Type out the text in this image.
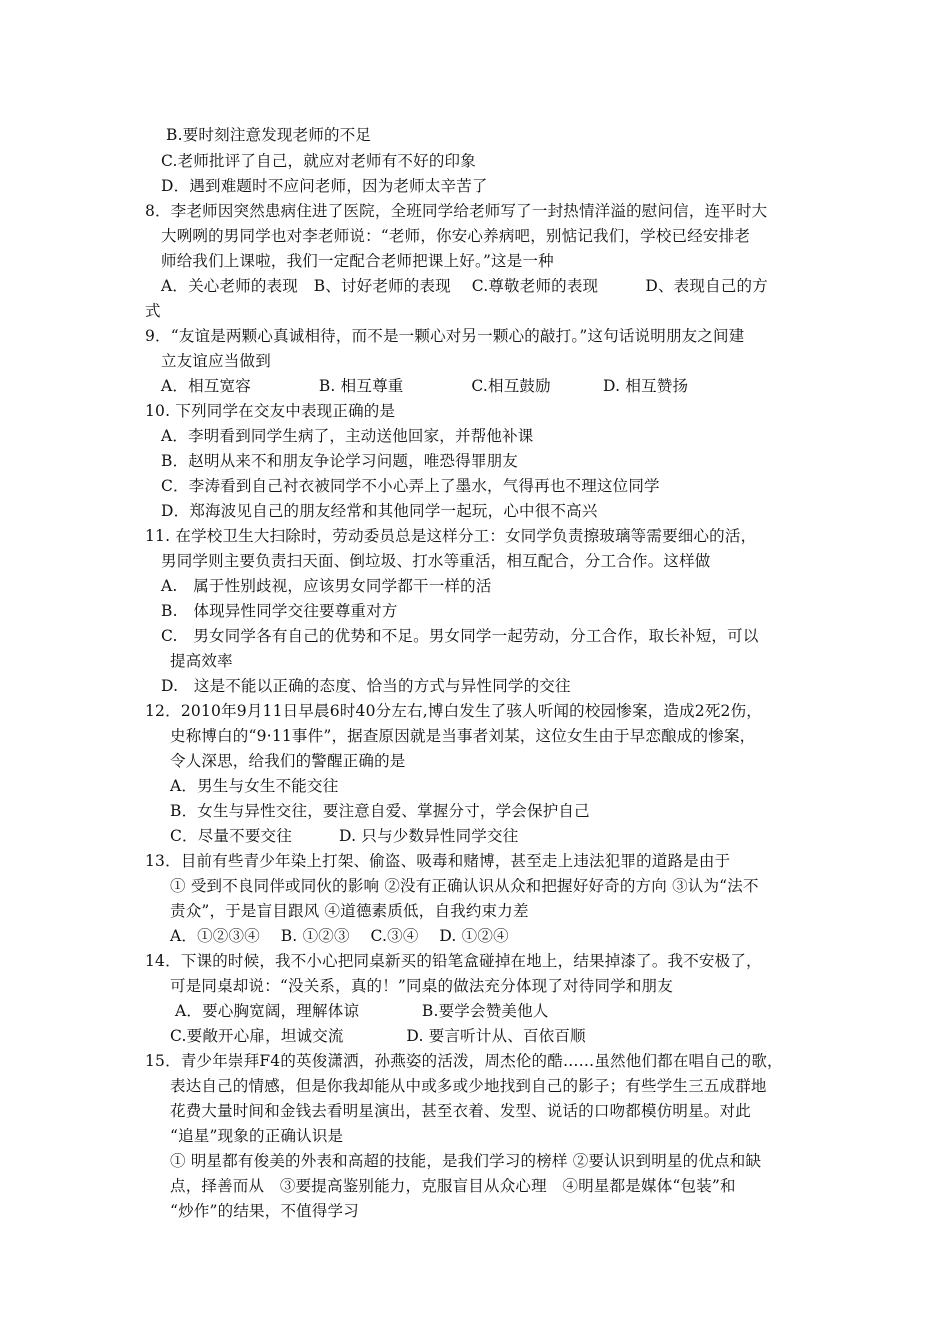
B.要时刻注意发现老师的不足
C.老师批评了自己，就应对老师有不好的印象
D．遇到难题时不应问老师，因为老师太辛苦了
8．李老师因突然患病住进了医院，全班同学给老师写了一封热情洋溢的慰问信，连平时大
大咧咧的男同学也对李老师说：“老师，你安心养病吧，别惦记我们，学校已经安排老
师给我们上课啦，我们一定配合老师把课上好。”这是一种
A．关心老师的表现　B、讨好老师的表现　 C.尊敬老师的表现　　　D、表现自己的方
式
9．“友谊是两颗心真诚相待，而不是一颗心对另一颗心的敲打。”这句话说明朋友之间建
立友谊应当做到
A．相互宽容　　　　 B. 相互尊重　　　　 C.相互鼓励　　　 D. 相互赞扬
10. 下列同学在交友中表现正确的是
A．李明看到同学生病了，主动送他回家，并帮他补课
B．赵明从来不和朋友争论学习问题，唯恐得罪朋友
C．李涛看到自己衬衣被同学不小心弄上了墨水，气得再也不理这位同学
D．郑海波见自己的朋友经常和其他同学一起玩，心中很不高兴
11. 在学校卫生大扫除时，劳动委员总是这样分工：女同学负责擦玻璃等需要细心的活，
男同学则主要负责扫天面、倒垃圾、打水等重活，相互配合，分工合作。这样做
A.　属于性别歧视，应该男女同学都干一样的活
B.　体现异性同学交往要尊重对方
C.　男女同学各有自己的优势和不足。男女同学一起劳动，分工合作，取长补短，可以
提高效率
D.　这是不能以正确的态度、恰当的方式与异性同学的交往
12．2010年9月11日早晨6时40分左右,博白发生了骇人听闻的校园惨案，造成2死2伤，
史称博白的“9·11事件”，据查原因就是当事者刘某，这位女生由于早恋酿成的惨案，
令人深思，给我们的警醒正确的是
A．男生与女生不能交往
B．女生与异性交往，要注意自爱、掌握分寸，学会保护自己
C．尽量不要交往　　　D. 只与少数异性同学交往
13．目前有些青少年染上打架、偷盗、吸毒和赌博，甚至走上违法犯罪的道路是由于
① 受到不良同伴或同伙的影响 ②没有正确认识从众和把握好好奇的方向 ③认为“法不
责众”，于是盲目跟风 ④道德素质低，自我约束力差
A．①②③④　 B. ①②③　 C.③④　 D. ①②④
14．下课的时候，我不小心把同桌新买的铅笔盒碰掉在地上，结果掉漆了。我不安极了，
可是同桌却说：“没关系，真的！”同桌的做法充分体现了对待同学和朋友
A．要心胸宽阔，理解体谅　　　　B.要学会赞美他人
C.要敞开心扉，坦诚交流　　　　D. 要言听计从、百依百顺
15．青少年崇拜F4的英俊潇洒，孙燕姿的活泼，周杰伦的酷……虽然他们都在唱自己的歌，
表达自己的情感，但是你我却能从中或多或少地找到自己的影子；有些学生三五成群地
花费大量时间和金钱去看明星演出，甚至衣着、发型、说话的口吻都模仿明星。对此
“追星”现象的正确认识是
① 明星都有俊美的外表和高超的技能，是我们学习的榜样 ②要认识到明星的优点和缺
点，择善而从　③要提高鉴别能力，克服盲目从众心理　④明星都是媒体“包装”和
“炒作”的结果，不值得学习
